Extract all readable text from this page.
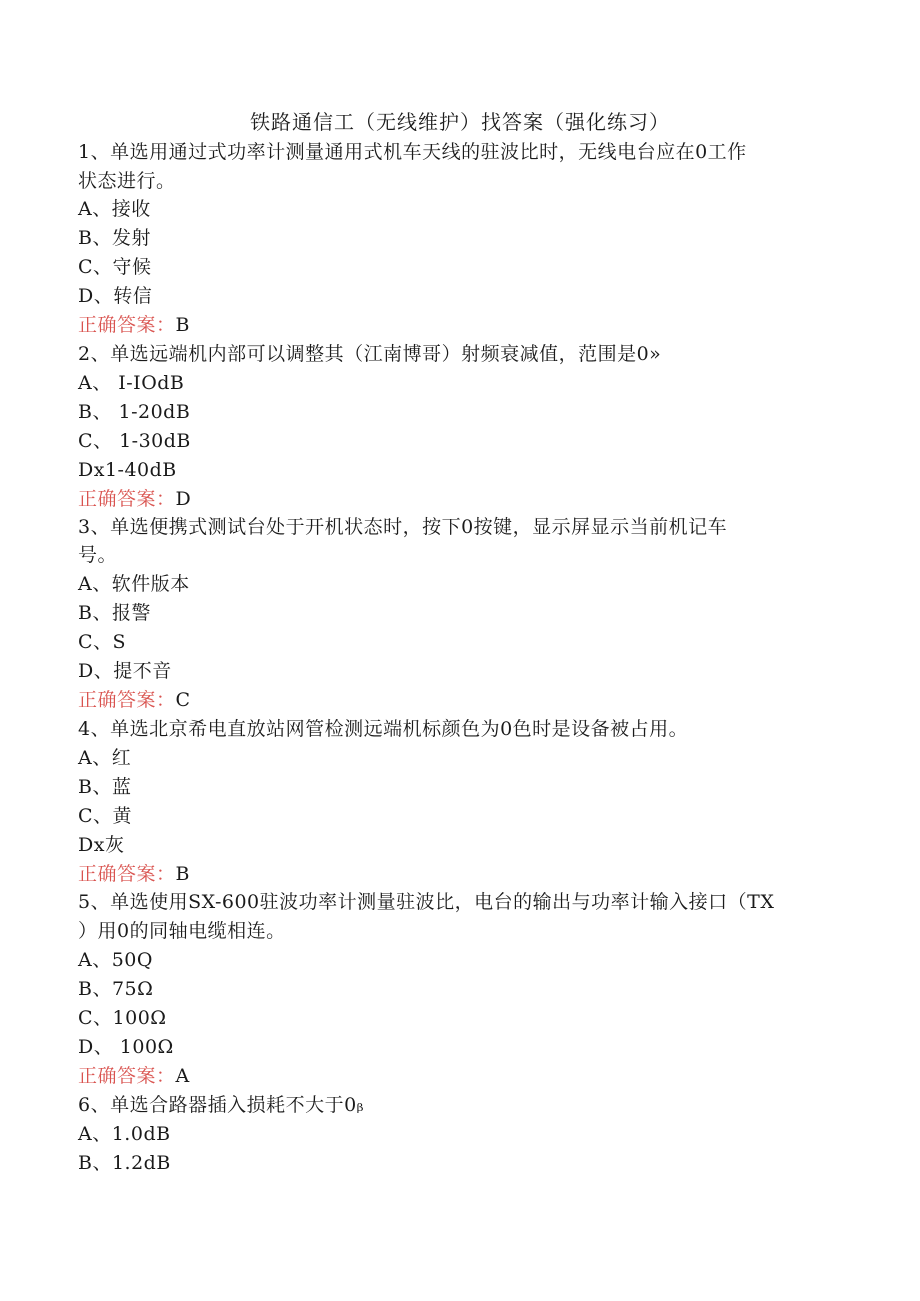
铁路通信工（无线维护）找答案（强化练习）
1、单选用通过式功率计测量通用式机车天线的驻波比时，无线电台应在0工作
状态进行。
A、接收
B、发射
C、守候
D、转信
正确答案：B
2、单选远端机内部可以调整其（江南博哥）射频衰减值，范围是0»
A、 I-IOdB
B、 1-20dB
C、 1-30dB
Dx1-40dB
正确答案：D
3、单选便携式测试台处于开机状态时，按下0按键，显示屏显示当前机记车
号。
A、软件版本
B、报警
C、S
D、提不音
正确答案：C
4、单选北京希电直放站网管检测远端机标颜色为0色时是设备被占用。
A、红
B、蓝
C、黄
Dx灰
正确答案：B
5、单选使用SX-600驻波功率计测量驻波比，电台的输出与功率计输入接口（TX
）用0的同轴电缆相连。
A、50Q
B、75Ω
C、100Ω
D、 100Ω
正确答案：A
6、单选合路器插入损耗不大于0ᵦ
A、1.0dB
B、1.2dB
